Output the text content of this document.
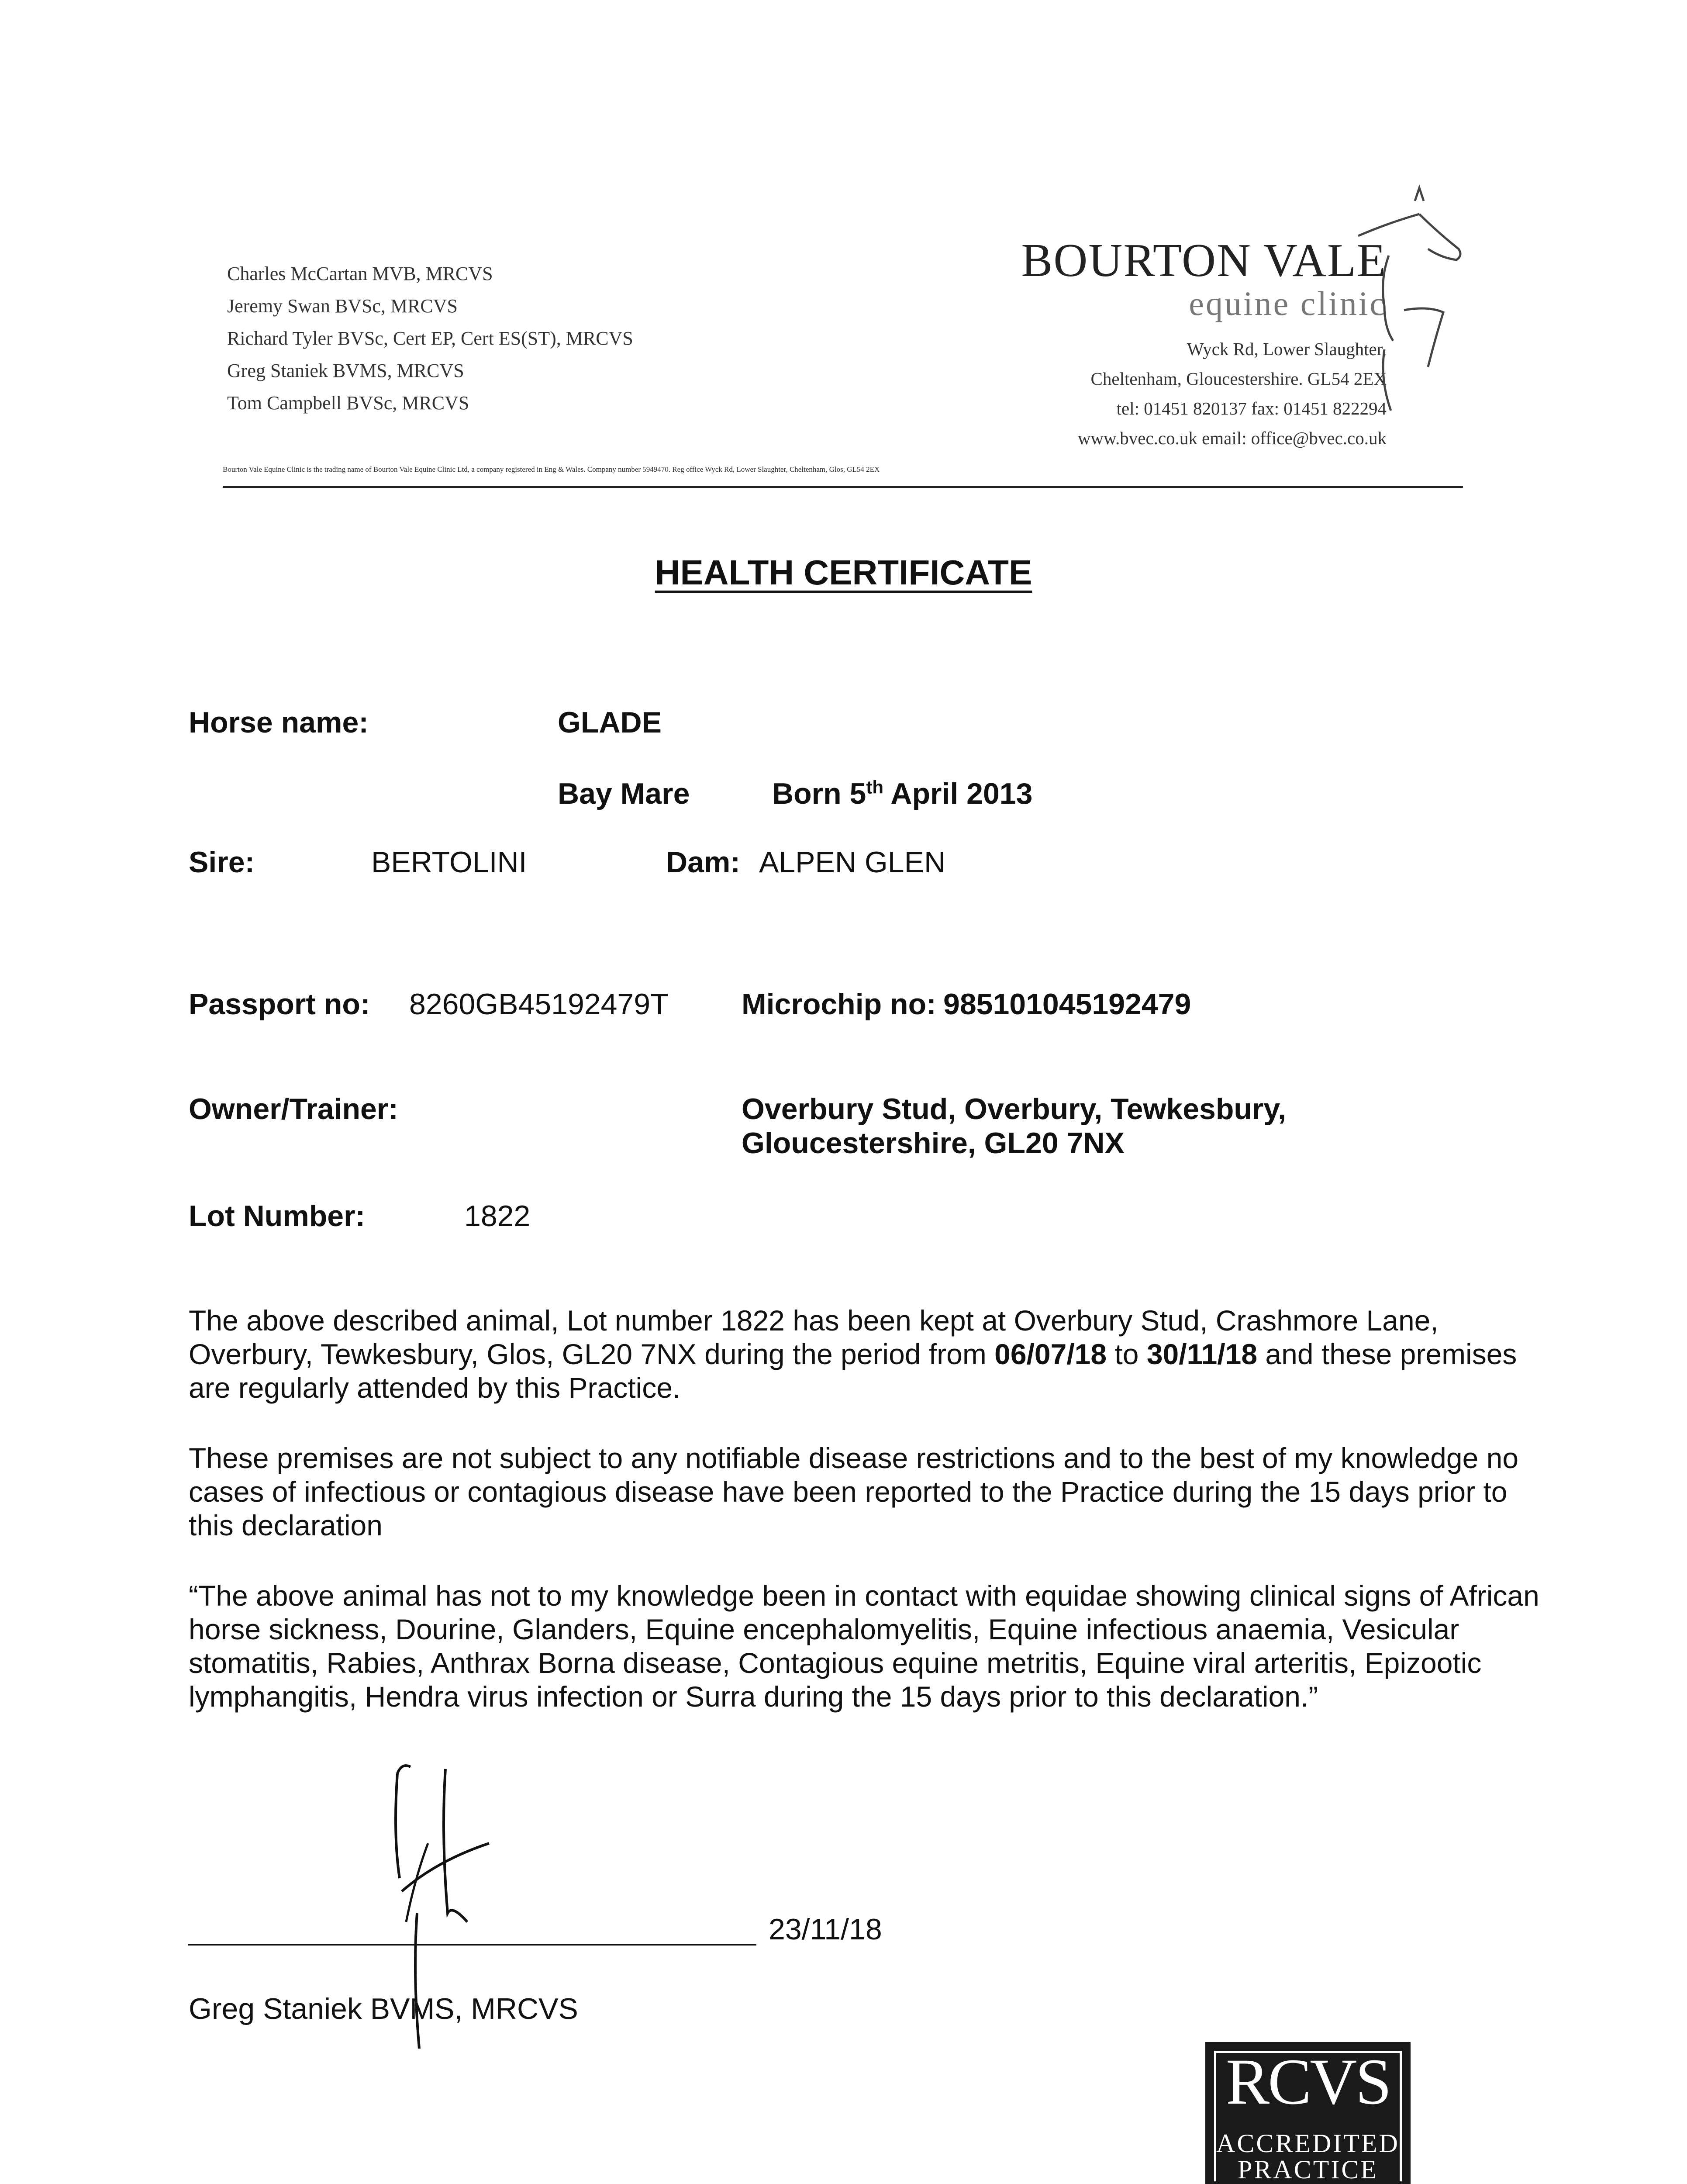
Charles McCartan MVB, MRCVS
Jeremy Swan BVSc, MRCVS
Richard Tyler BVSc, Cert EP, Cert ES(ST), MRCVS
Greg Staniek BVMS, MRCVS
Tom Campbell BVSc, MRCVS
BOURTON VALE
equine clinic
Wyck Rd, Lower Slaughter,
Cheltenham, Gloucestershire. GL54 2EX
tel: 01451 820137 fax: 01451 822294
www.bvec.co.uk email: office@bvec.co.uk
Bourton Vale Equine Clinic is the trading name of Bourton Vale Equine Clinic Ltd, a company registered in Eng & Wales. Company number 5949470. Reg office Wyck Rd, Lower Slaughter, Cheltenham, Glos, GL54 2EX
HEALTH CERTIFICATE
Horse name:	GLADE
Bay Mare	Born 5th April 2013
Sire:	BERTOLINI	Dam: ALPEN GLEN
Passport no: 8260GB45192479T Microchip no: 985101045192479
Owner/Trainer:	Overbury Stud, Overbury, Tewkesbury,
Gloucestershire, GL20 7NX
Lot Number:	1822

The above described animal, Lot number 1822 has been kept at Overbury Stud, Crashmore Lane, Overbury, Tewkesbury, Glos, GL20 7NX during the period from 06/07/18 to 30/11/18 and these premises are regularly attended by this Practice.

These premises are not subject to any notifiable disease restrictions and to the best of my knowledge no cases of infectious or contagious disease have been reported to the Practice during the 15 days prior to this declaration

“The above animal has not to my knowledge been in contact with equidae showing clinical signs of African horse sickness, Dourine, Glanders, Equine encephalomyelitis, Equine infectious anaemia, Vesicular stomatitis, Rabies, Anthrax Borna disease, Contagious equine metritis, Equine viral arteritis, Epizootic lymphangitis, Hendra virus infection or Surra during the 15 days prior to this declaration.”

23/11/18
Greg Staniek BVMS, MRCVS
RCVS
ACCREDITED
PRACTICE
